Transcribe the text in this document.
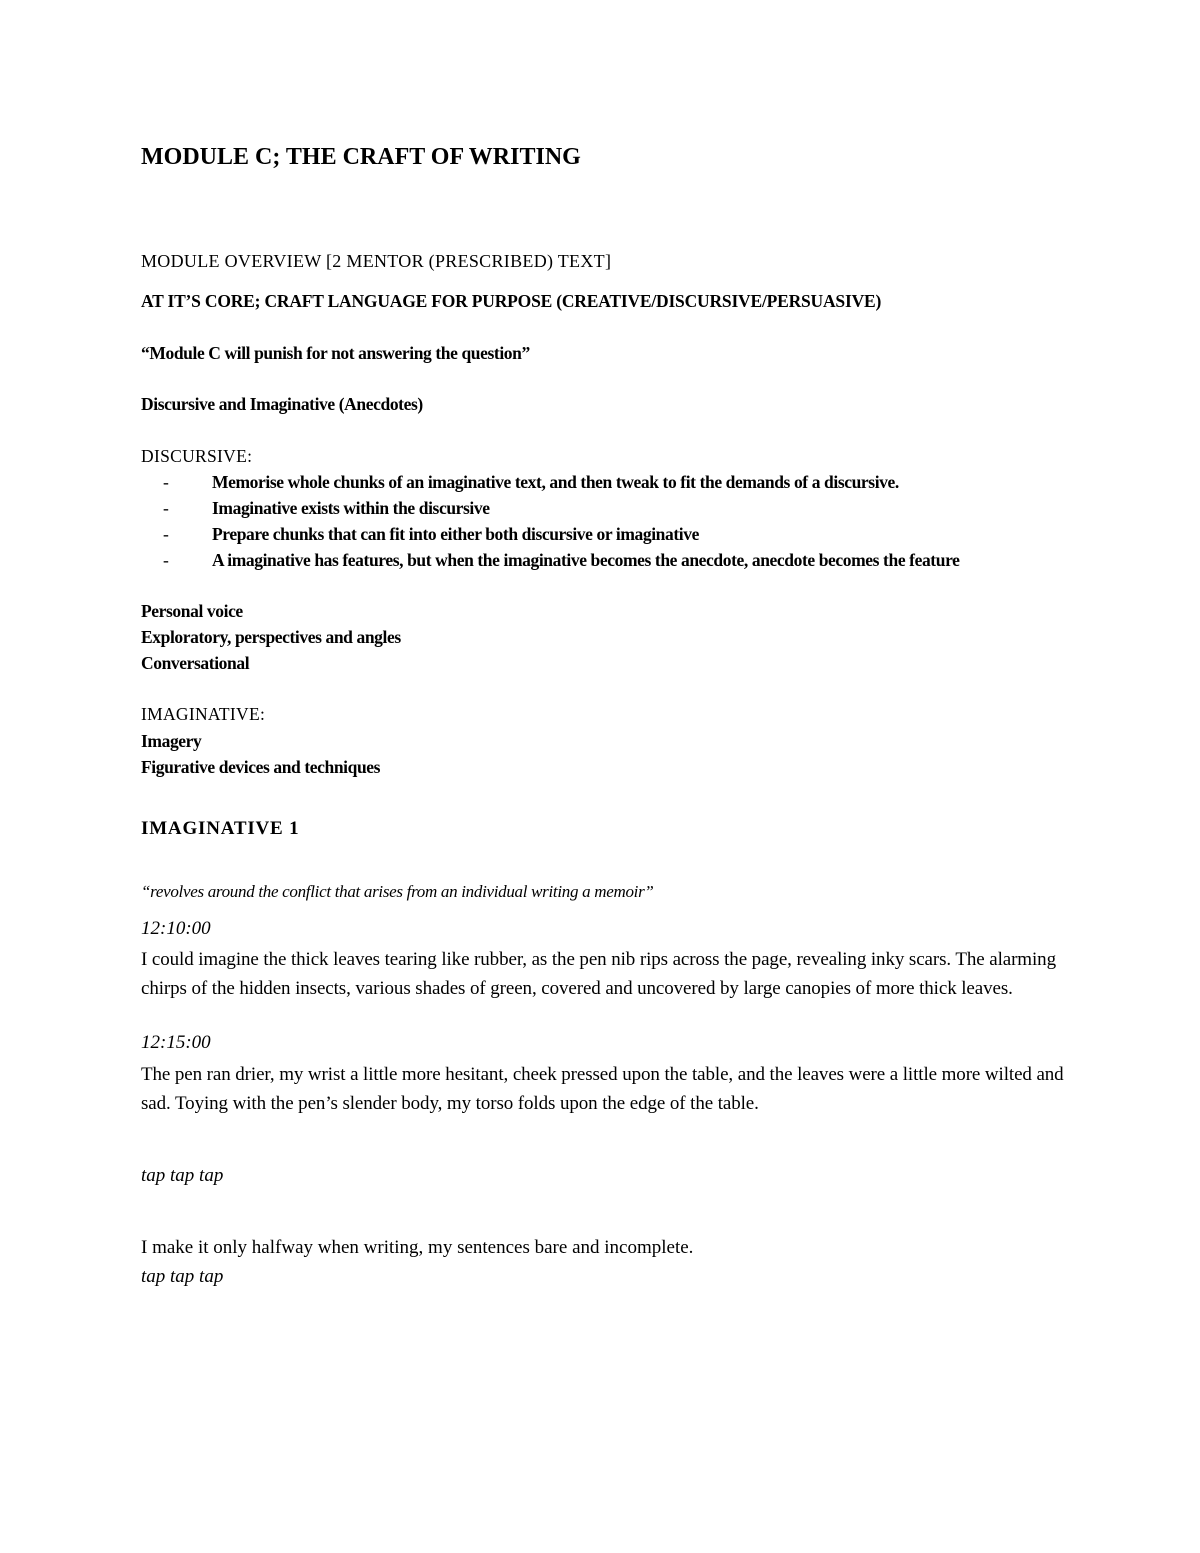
MODULE C; THE CRAFT OF WRITING
MODULE OVERVIEW [2 MENTOR (PRESCRIBED) TEXT]
AT IT’S CORE; CRAFT LANGUAGE FOR PURPOSE (CREATIVE/DISCURSIVE/PERSUASIVE)
“Module C will punish for not answering the question”
Discursive and Imaginative (Anecdotes)
DISCURSIVE:
- Memorise whole chunks of an imaginative text, and then tweak to fit the demands of a discursive.
- Imaginative exists within the discursive
- Prepare chunks that can fit into either both discursive or imaginative
- A imaginative has features, but when the imaginative becomes the anecdote, anecdote becomes the feature
Personal voice
Exploratory, perspectives and angles
Conversational
IMAGINATIVE:
Imagery
Figurative devices and techniques
IMAGINATIVE 1
“revolves around the conflict that arises from an individual writing a memoir”
12:10:00
I could imagine the thick leaves tearing like rubber, as the pen nib rips across the page, revealing inky scars. The alarming chirps of the hidden insects, various shades of green, covered and uncovered by large canopies of more thick leaves.
12:15:00
The pen ran drier, my wrist a little more hesitant, cheek pressed upon the table, and the leaves were a little more wilted and sad. Toying with the pen’s slender body, my torso folds upon the edge of the table.
tap tap tap
I make it only halfway when writing, my sentences bare and incomplete.
tap tap tap
